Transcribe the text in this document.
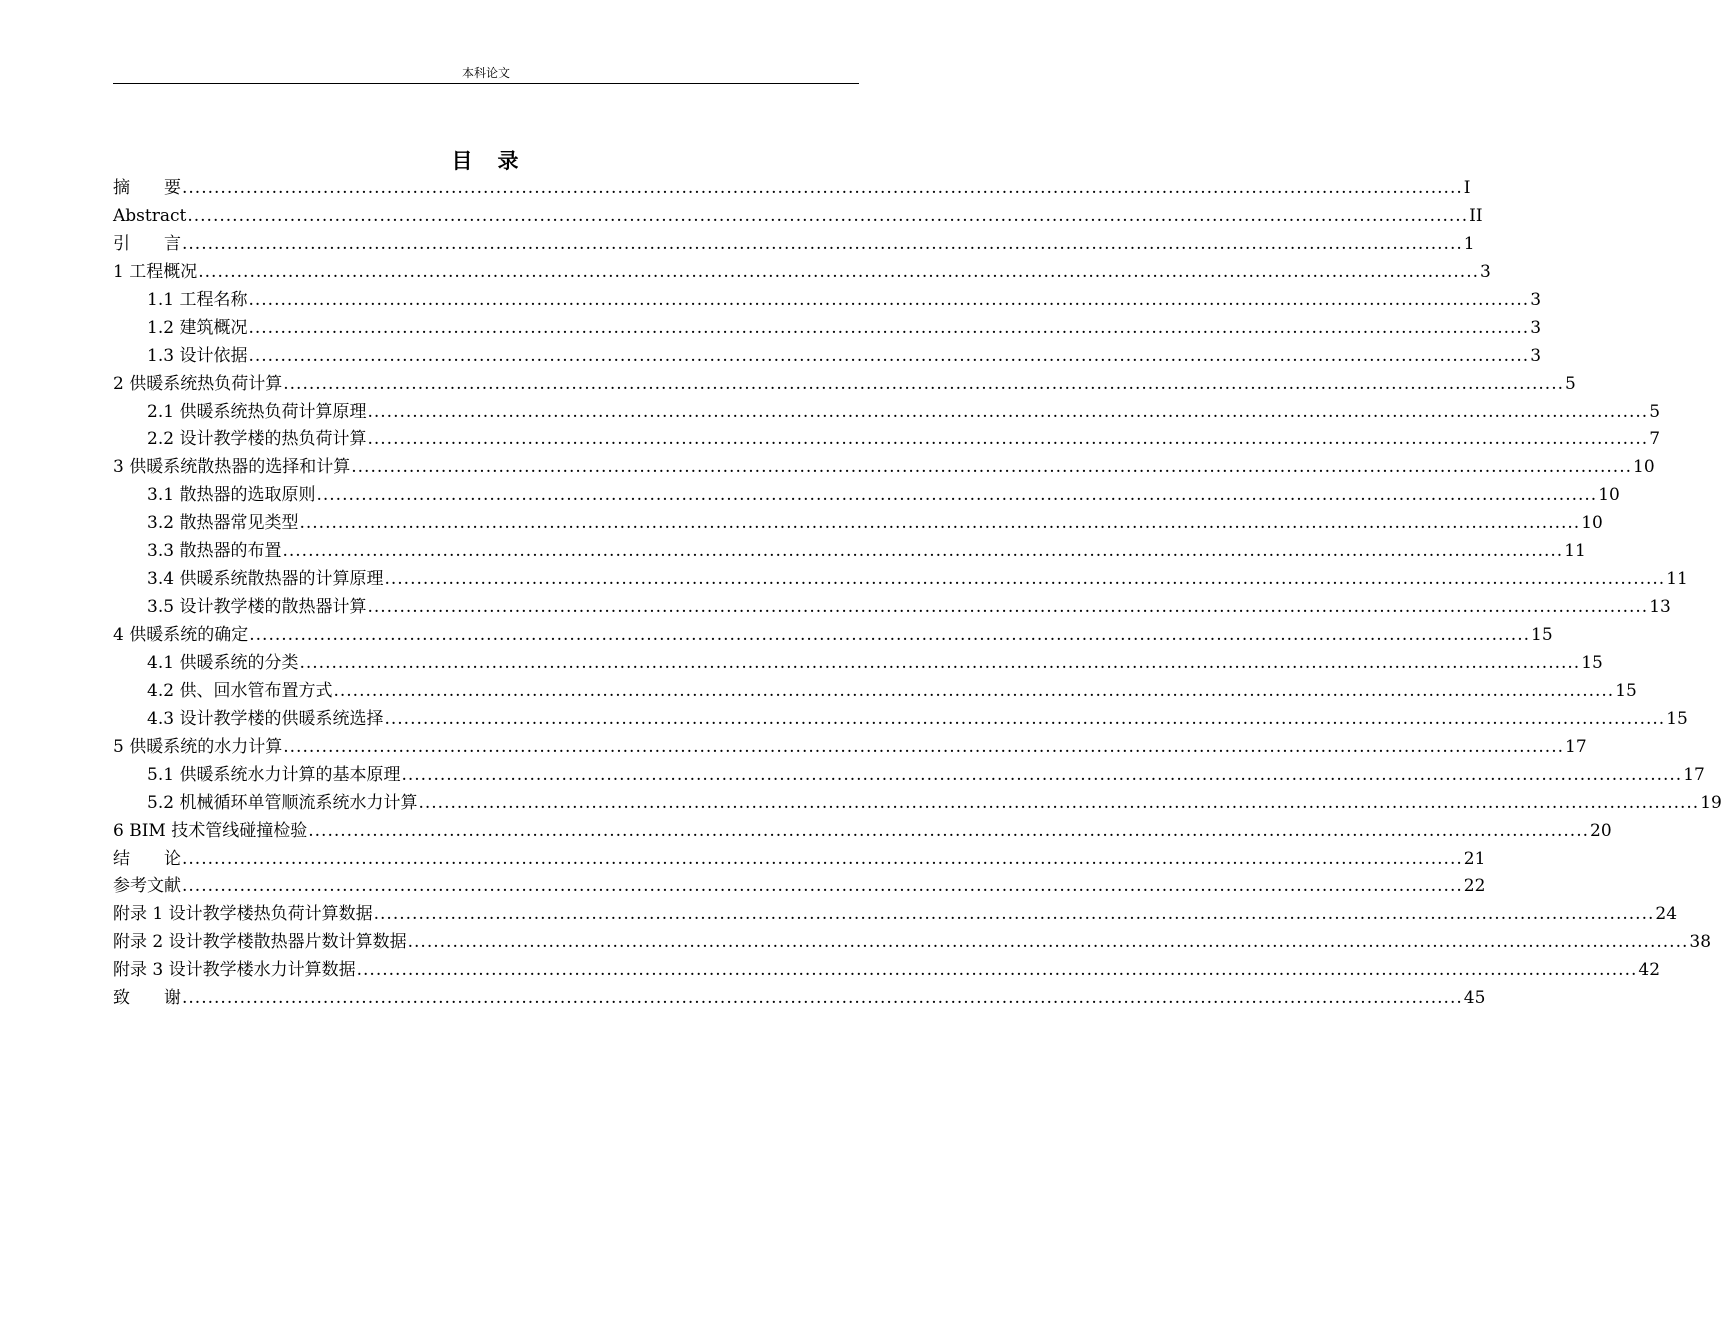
本科论文
目　录
摘　　要 ........................................................................................................................................................................................................ I
Abstract ........................................................................................................................................................................................................ II
引　　言 ........................................................................................................................................................................................................ 1
1 工程概况 ........................................................................................................................................................................................................ 3
1.1 工程名称 ........................................................................................................................................................................................................ 3
1.2 建筑概况 ........................................................................................................................................................................................................ 3
1.3 设计依据 ........................................................................................................................................................................................................ 3
2 供暖系统热负荷计算 ........................................................................................................................................................................................................ 5
2.1 供暖系统热负荷计算原理 ........................................................................................................................................................................................................ 5
2.2 设计教学楼的热负荷计算 ........................................................................................................................................................................................................ 7
3 供暖系统散热器的选择和计算 ........................................................................................................................................................................................................ 10
3.1 散热器的选取原则 ........................................................................................................................................................................................................ 10
3.2 散热器常见类型 ........................................................................................................................................................................................................ 10
3.3 散热器的布置 ........................................................................................................................................................................................................ 11
3.4 供暖系统散热器的计算原理 ........................................................................................................................................................................................................ 11
3.5 设计教学楼的散热器计算 ........................................................................................................................................................................................................ 13
4 供暖系统的确定 ........................................................................................................................................................................................................ 15
4.1 供暖系统的分类 ........................................................................................................................................................................................................ 15
4.2 供、回水管布置方式 ........................................................................................................................................................................................................ 15
4.3 设计教学楼的供暖系统选择 ........................................................................................................................................................................................................ 15
5 供暖系统的水力计算 ........................................................................................................................................................................................................ 17
5.1 供暖系统水力计算的基本原理 ........................................................................................................................................................................................................ 17
5.2 机械循环单管顺流系统水力计算 ........................................................................................................................................................................................................ 19
6 BIM 技术管线碰撞检验 ........................................................................................................................................................................................................ 20
结　　论 ........................................................................................................................................................................................................ 21
参考文献 ........................................................................................................................................................................................................ 22
附录 1 设计教学楼热负荷计算数据 ........................................................................................................................................................................................................ 24
附录 2 设计教学楼散热器片数计算数据 ........................................................................................................................................................................................................ 38
附录 3 设计教学楼水力计算数据 ........................................................................................................................................................................................................ 42
致　　谢 ........................................................................................................................................................................................................ 45
